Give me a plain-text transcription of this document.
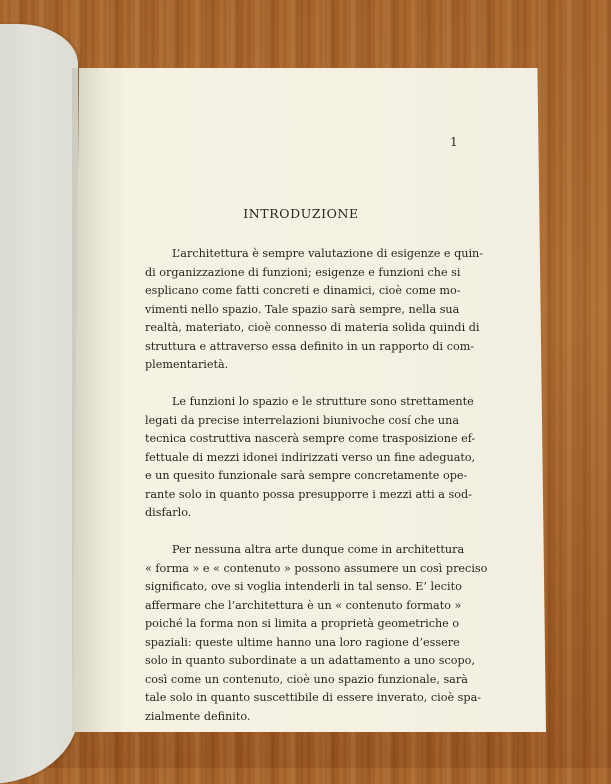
1
INTRODUZIONE
L’architettura è sempre valutazione di esigenze e quin-
di organizzazione di funzioni; esigenze e funzioni che si
esplicano come fatti concreti e dinamici, cioè come mo-
vimenti nello spazio. Tale spazio sarà sempre, nella sua
realtà, materiato, cioè connesso di materia solida quindi di
struttura e attraverso essa definito in un rapporto di com-
plementarietà.
Le funzioni lo spazio e le strutture sono strettamente
legati da precise interrelazioni biunivoche cosí che una
tecnica costruttiva nascerà sempre come trasposizione ef-
fettuale di mezzi idonei indirizzati verso un fine adeguato,
e un quesito funzionale sarà sempre concretamente ope-
rante solo in quanto possa presupporre i mezzi atti a sod-
disfarlo.
Per nessuna altra arte dunque come in architettura
« forma » e « contenuto » possono assumere un così preciso
significato, ove si voglia intenderli in tal senso. E’ lecito
affermare che l’architettura è un « contenuto formato »
poiché la forma non si limita a proprietà geometriche o
spaziali: queste ultime hanno una loro ragione d’essere
solo in quanto subordinate a un adattamento a uno scopo,
così come un contenuto, cioè uno spazio funzionale, sarà
tale solo in quanto suscettibile di essere inverato, cioè spa-
zialmente definito.
